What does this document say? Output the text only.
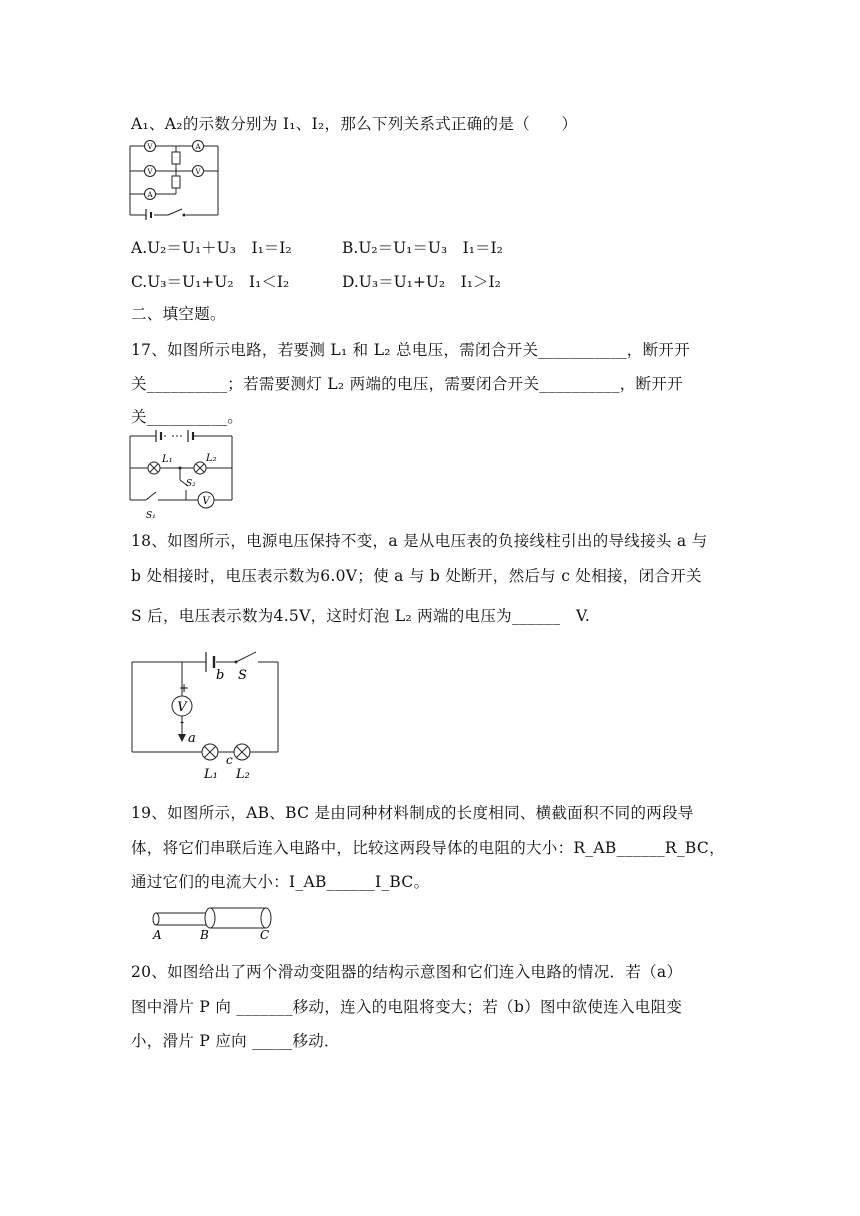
A₁、A₂的示数分别为 I₁、I₂，那么下列关系式正确的是（　　）
V	A
V	V
A
A.U₂＝U₁＋U₃　I₁＝I₂	B.U₂＝U₁＝U₃　I₁＝I₂
C.U₃＝U₁+U₂　I₁＜I₂	D.U₃＝U₁+U₂　I₁＞I₂
二、填空题。
17、如图所示电路，若要测 L₁ 和 L₂ 总电压，需闭合开关___________，断开开
关__________；若需要测灯 L₂ 两端的电压，需要闭合开关__________，断开开
关__________。
V
L₁	L₂
S₂
S₁
18、如图所示，电源电压保持不变，a 是从电压表的负接线柱引出的导线接头 a 与
b 处相接时，电压表示数为6.0V；使 a 与 b 处断开，然后与 c 处相接，闭合开关
S 后，电压表示数为4.5V，这时灯泡 L₂ 两端的电压为______　V.
V
b S
+
-
a
L₁
c
L₂
19、如图所示，AB、BC 是由同种材料制成的长度相同、横截面积不同的两段导
体，将它们串联后连入电路中，比较这两段导体的电阻的大小：R_AB______R_BC，
通过它们的电流大小：I_AB______I_BC。
A	B	C
20、如图给出了两个滑动变阻器的结构示意图和它们连入电路的情况．若（a）
图中滑片 P 向 _______移动，连入的电阻将变大；若（b）图中欲使连入电阻变
小，滑片 P 应向 _____移动．
